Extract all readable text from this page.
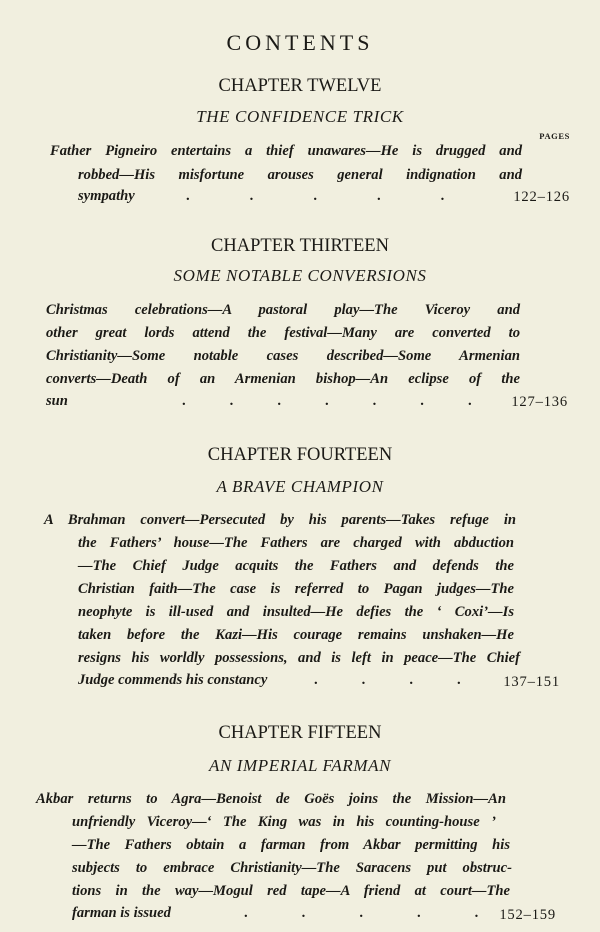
CONTENTS
PAGES
CHAPTER TWELVE
THE CONFIDENCE TRICK
Father Pigneiro entertains a thief unawares—He is drugged and
robbed—His misfortune arouses general indignation and
sympathy	.	.	.	.	.	122–126
CHAPTER THIRTEEN
SOME NOTABLE CONVERSIONS
Christmas celebrations—A pastoral play—The Viceroy and
other great lords attend the festival—Many are converted to
Christianity—Some notable cases described—Some Armenian
converts—Death of an Armenian bishop—An eclipse of the
sun	.	.	.	.	.	.	.	127–136
CHAPTER FOURTEEN
A BRAVE CHAMPION
A Brahman convert—Persecuted by his parents—Takes refuge in
the Fathers’ house—The Fathers are charged with abduction
—The Chief Judge acquits the Fathers and defends the
Christian faith—The case is referred to Pagan judges—The
neophyte is ill-used and insulted—He defies the ‘ Coxi’—Is
taken before the Kazi—His courage remains unshaken—He
resigns his worldly possessions, and is left in peace—The Chief
Judge commends his constancy	.	.	.	.	137–151
CHAPTER FIFTEEN
AN IMPERIAL FARMAN
Akbar returns to Agra—Benoist de Goës joins the Mission—An
unfriendly Viceroy—‘ The King was in his counting-house ’
—The Fathers obtain a farman from Akbar permitting his
subjects to embrace Christianity—The Saracens put obstruc-
tions in the way—Mogul red tape—A friend at court—The
farman is issued	.	.	.	.	. 152–159
